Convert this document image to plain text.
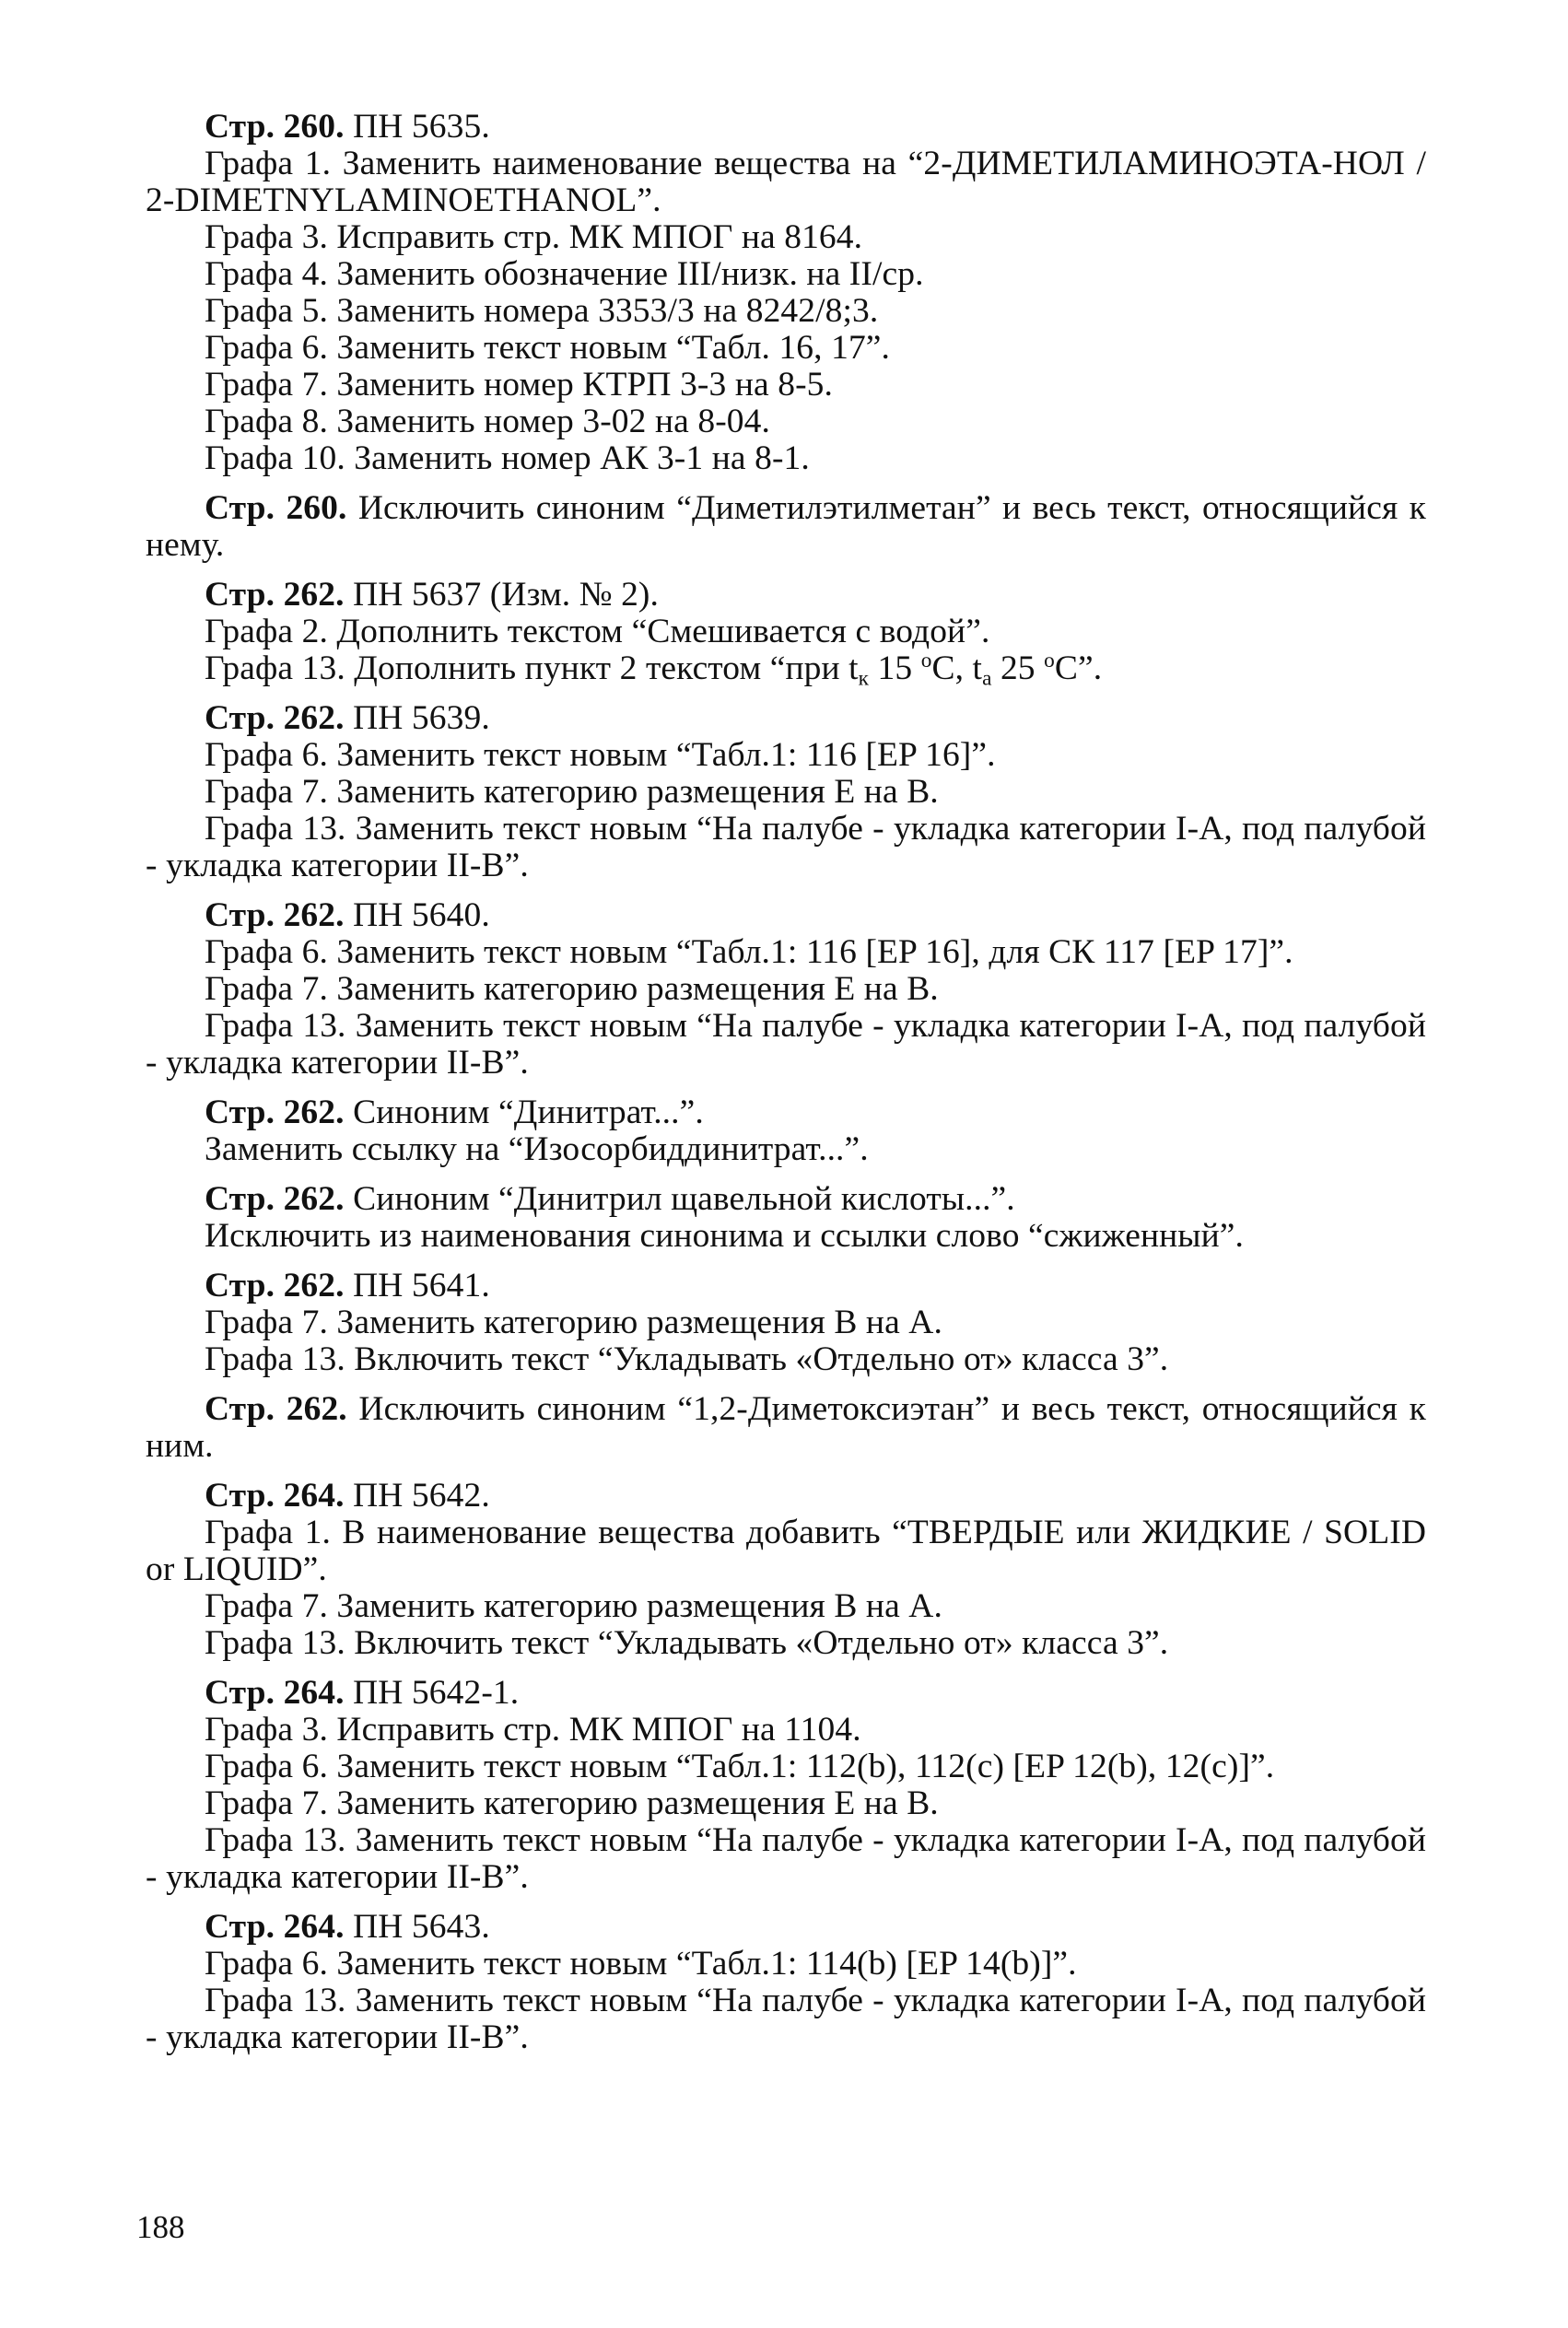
Стр. 260. ПН 5635.

Графа 1. Заменить наименование вещества на “2-ДИМЕТИЛАМИНОЭТА-НОЛ / 2-DIMETNYLAMINOETHANOL”.

Графа 3. Исправить стр. МК МПОГ на 8164.

Графа 4. Заменить обозначение III/низк. на II/ср.

Графа 5. Заменить номера 3353/3 на 8242/8;3.

Графа 6. Заменить текст новым “Табл. 16, 17”.

Графа 7. Заменить номер КТРП 3-3 на 8-5.

Графа 8. Заменить номер 3-02 на 8-04.

Графа 10. Заменить номер АК 3-1 на 8-1.

Стр. 260. Исключить синоним “Диметилэтилметан” и весь текст, относящийся к нему.

Стр. 262. ПН 5637 (Изм. № 2).

Графа 2. Дополнить текстом “Смешивается с водой”.

Графа 13. Дополнить пункт 2 текстом “при $t_к$ 15 $^o$C, $t_a$ 25 $^o$C”.

Стр. 262. ПН 5639.

Графа 6. Заменить текст новым “Табл.1: 116 [EP 16]”.

Графа 7. Заменить категорию размещения Е на В.

Графа 13. Заменить текст новым “На палубе - укладка категории I-А, под палубой - укладка категории II-В”.

Стр. 262. ПН 5640.

Графа 6. Заменить текст новым “Табл.1: 116 [EP 16], для СК 117 [EP 17]”.

Графа 7. Заменить категорию размещения Е на В.

Графа 13. Заменить текст новым “На палубе - укладка категории I-А, под палубой - укладка категории II-В”.

Стр. 262. Синоним “Динитрат...”.

Заменить ссылку на “Изосорбиддинитрат...”.

Стр. 262. Синоним “Динитрил щавельной кислоты...”.

Исключить из наименования синонима и ссылки слово “сжиженный”.

Стр. 262. ПН 5641.

Графа 7. Заменить категорию размещения В на А.

Графа 13. Включить текст “Укладывать «Отдельно от» класса 3”.

Стр. 262. Исключить синоним “1,2-Диметоксиэтан” и весь текст, относящийся к ним.

Стр. 264. ПН 5642.

Графа 1. В наименование вещества добавить “ТВЕРДЫЕ или ЖИДКИЕ / SOLID or LIQUID”.

Графа 7. Заменить категорию размещения В на А.

Графа 13. Включить текст “Укладывать «Отдельно от» класса 3”.

Стр. 264. ПН 5642-1.

Графа 3. Исправить стр. МК МПОГ на 1104.

Графа 6. Заменить текст новым “Табл.1: 112(b), 112(c) [EP 12(b), 12(c)]”.

Графа 7. Заменить категорию размещения Е на В.

Графа 13. Заменить текст новым “На палубе - укладка категории I-А, под палубой - укладка категории II-В”.

Стр. 264. ПН 5643.

Графа 6. Заменить текст новым “Табл.1: 114(b) [EP 14(b)]”.

Графа 13. Заменить текст новым “На палубе - укладка категории I-А, под палубой - укладка категории II-В”.

188
